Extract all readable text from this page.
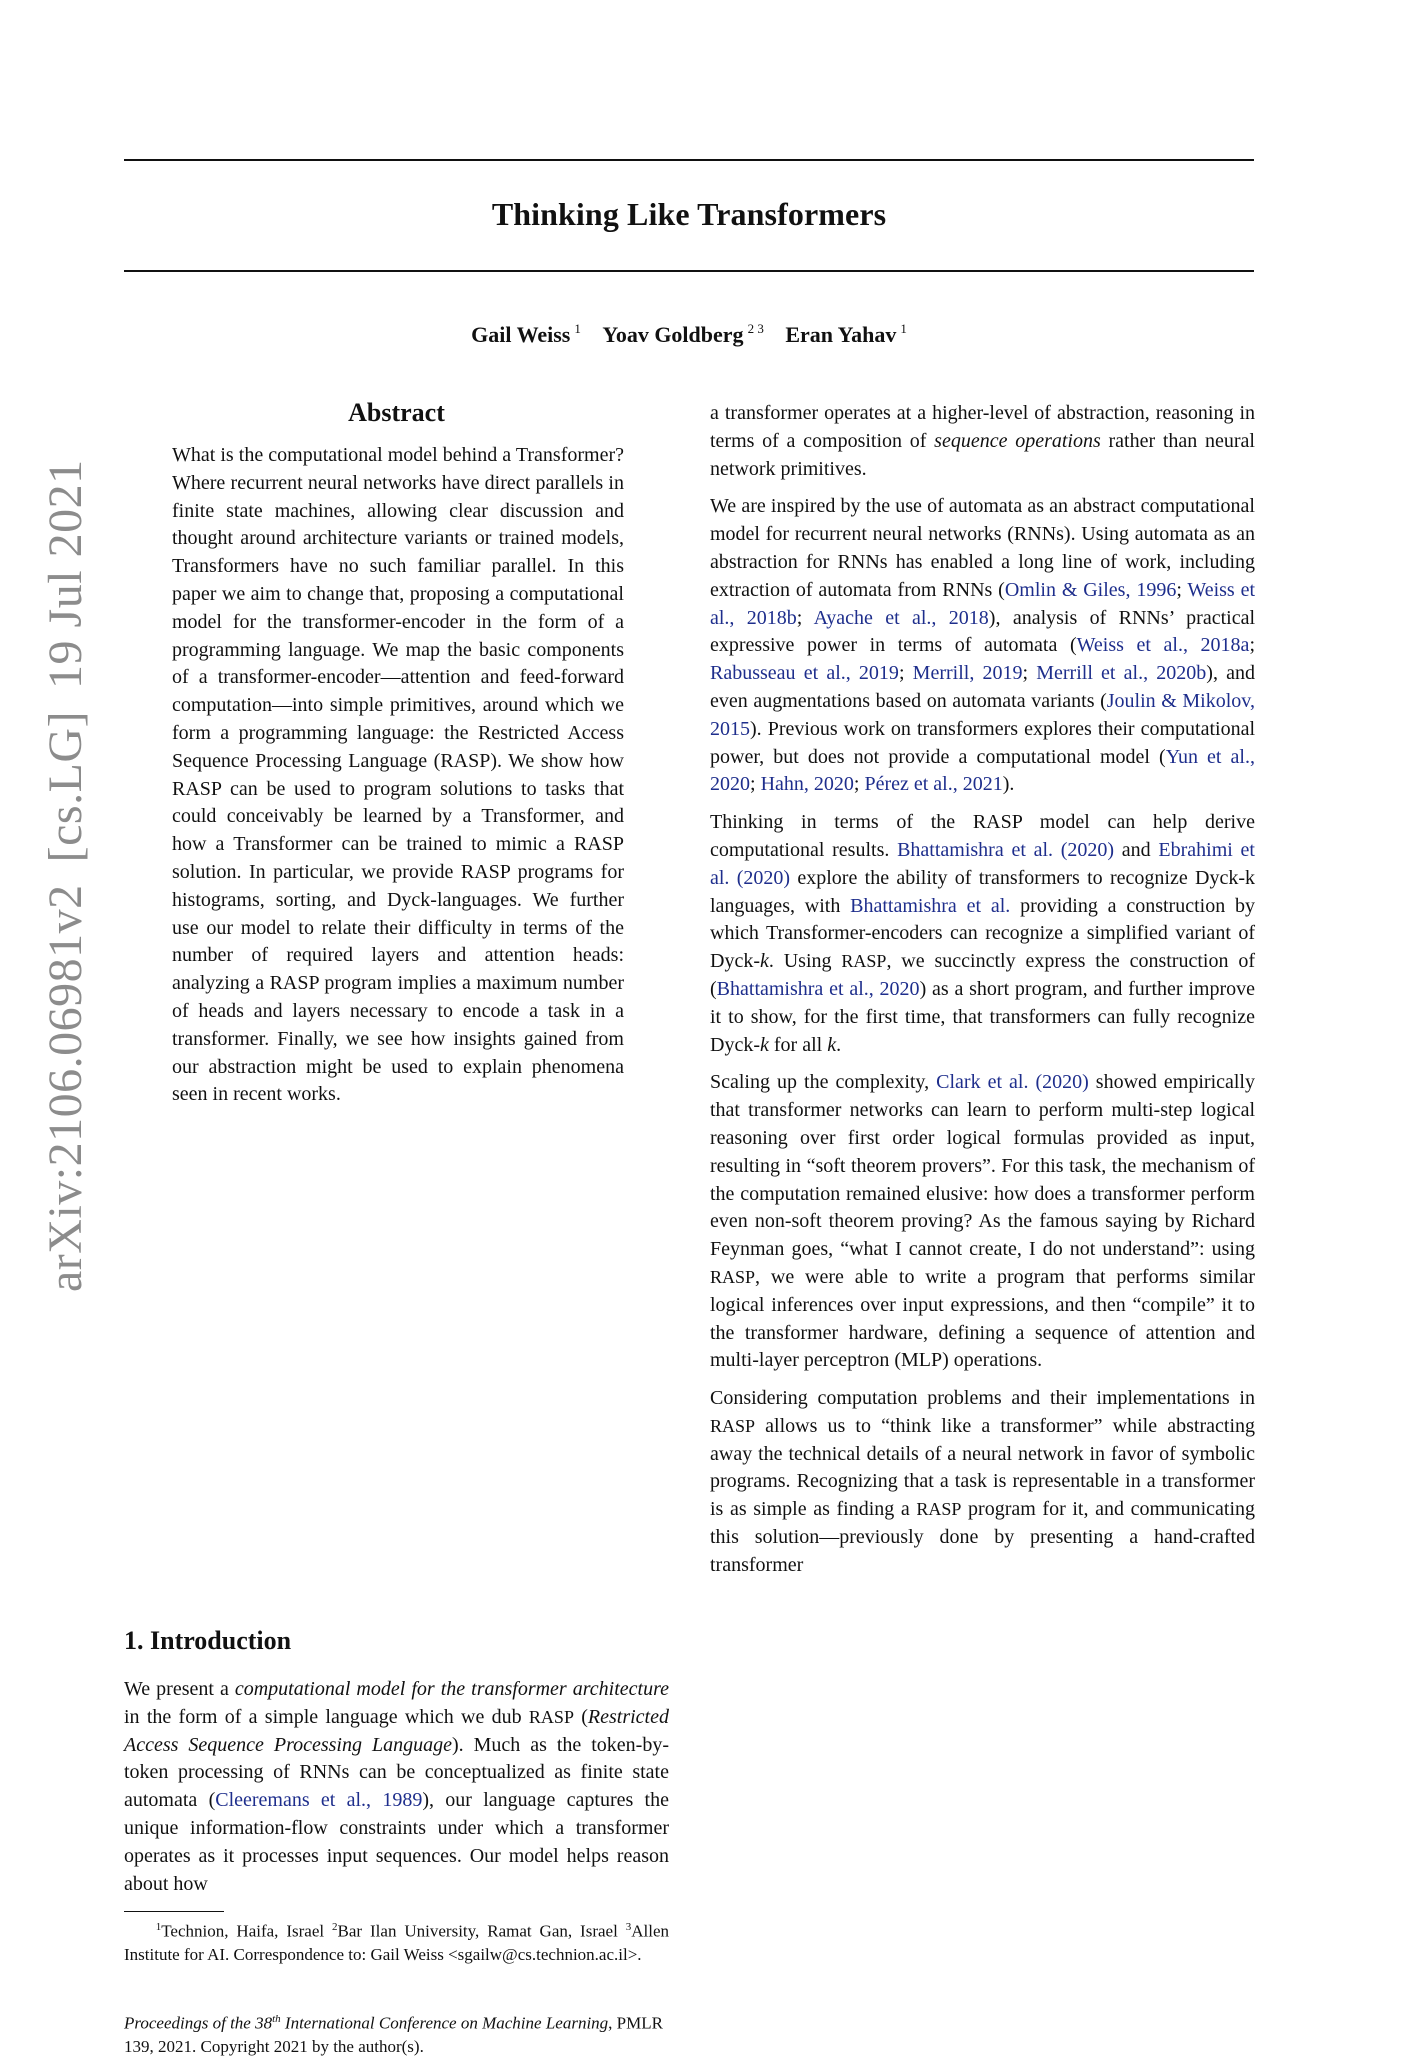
Thinking Like Transformers
Gail Weiss $^1$ Yoav Goldberg $^{2 3}$ Eran Yahav $^1$
arXiv:2106.06981v2[cs.LG]19 Jul 2021
Abstract

What is the computational model behind a Transformer? Where recurrent neural networks have direct parallels in finite state machines, allowing clear discussion and thought around architecture variants or trained models, Transformers have no such familiar parallel. In this paper we aim to change that, proposing a computational model for the transformer-encoder in the form of a programming language. We map the basic components of a transformer-encoder—attention and feed-forward computation—into simple primitives, around which we form a programming language: the Restricted Access Sequence Processing Language (RASP). We show how RASP can be used to program solutions to tasks that could conceivably be learned by a Transformer, and how a Transformer can be trained to mimic a RASP solution. In particular, we provide RASP programs for histograms, sorting, and Dyck-languages. We further use our model to relate their difficulty in terms of the number of required layers and attention heads: analyzing a RASP program implies a maximum number of heads and layers necessary to encode a task in a transformer. Finally, we see how insights gained from our abstraction might be used to explain phenomena seen in recent works.

1. Introduction

We present a computational model for the transformer architecture in the form of a simple language which we dub RASP (Restricted Access Sequence Processing Language). Much as the token-by-token processing of RNNs can be conceptualized as finite state automata (Cleeremans et al., 1989), our language captures the unique information-flow constraints under which a transformer operates as it processes input sequences. Our model helps reason about how

$^1$Technion, Haifa, Israel $^2$Bar Ilan University, Ramat Gan, Israel $^3$Allen Institute for AI. Correspondence to: Gail Weiss <sgailw@cs.technion.ac.il>.

Proceedings of the 38th International Conference on Machine Learning, PMLR 139, 2021. Copyright 2021 by the author(s).

a transformer operates at a higher-level of abstraction, reasoning in terms of a composition of sequence operations rather than neural network primitives.

We are inspired by the use of automata as an abstract computational model for recurrent neural networks (RNNs). Using automata as an abstraction for RNNs has enabled a long line of work, including extraction of automata from RNNs (Omlin & Giles, 1996; Weiss et al., 2018b; Ayache et al., 2018), analysis of RNNs’ practical expressive power in terms of automata (Weiss et al., 2018a; Rabusseau et al., 2019; Merrill, 2019; Merrill et al., 2020b), and even augmentations based on automata variants (Joulin & Mikolov, 2015). Previous work on transformers explores their computational power, but does not provide a computational model (Yun et al., 2020; Hahn, 2020; Pérez et al., 2021).

Thinking in terms of the RASP model can help derive computational results. Bhattamishra et al. (2020) and Ebrahimi et al. (2020) explore the ability of transformers to recognize Dyck-k languages, with Bhattamishra et al. providing a construction by which Transformer-encoders can recognize a simplified variant of Dyck-k. Using RASP, we succinctly express the construction of (Bhattamishra et al., 2020) as a short program, and further improve it to show, for the first time, that transformers can fully recognize Dyck-k for all k.

Scaling up the complexity, Clark et al. (2020) showed empirically that transformer networks can learn to perform multi-step logical reasoning over first order logical formulas provided as input, resulting in “soft theorem provers”. For this task, the mechanism of the computation remained elusive: how does a transformer perform even non-soft theorem proving? As the famous saying by Richard Feynman goes, “what I cannot create, I do not understand”: using RASP, we were able to write a program that performs similar logical inferences over input expressions, and then “compile” it to the transformer hardware, defining a sequence of attention and multi-layer perceptron (MLP) operations.

Considering computation problems and their implementations in RASP allows us to “think like a transformer” while abstracting away the technical details of a neural network in favor of symbolic programs. Recognizing that a task is representable in a transformer is as simple as finding a RASP program for it, and communicating this solution—previously done by presenting a hand-crafted transformer
